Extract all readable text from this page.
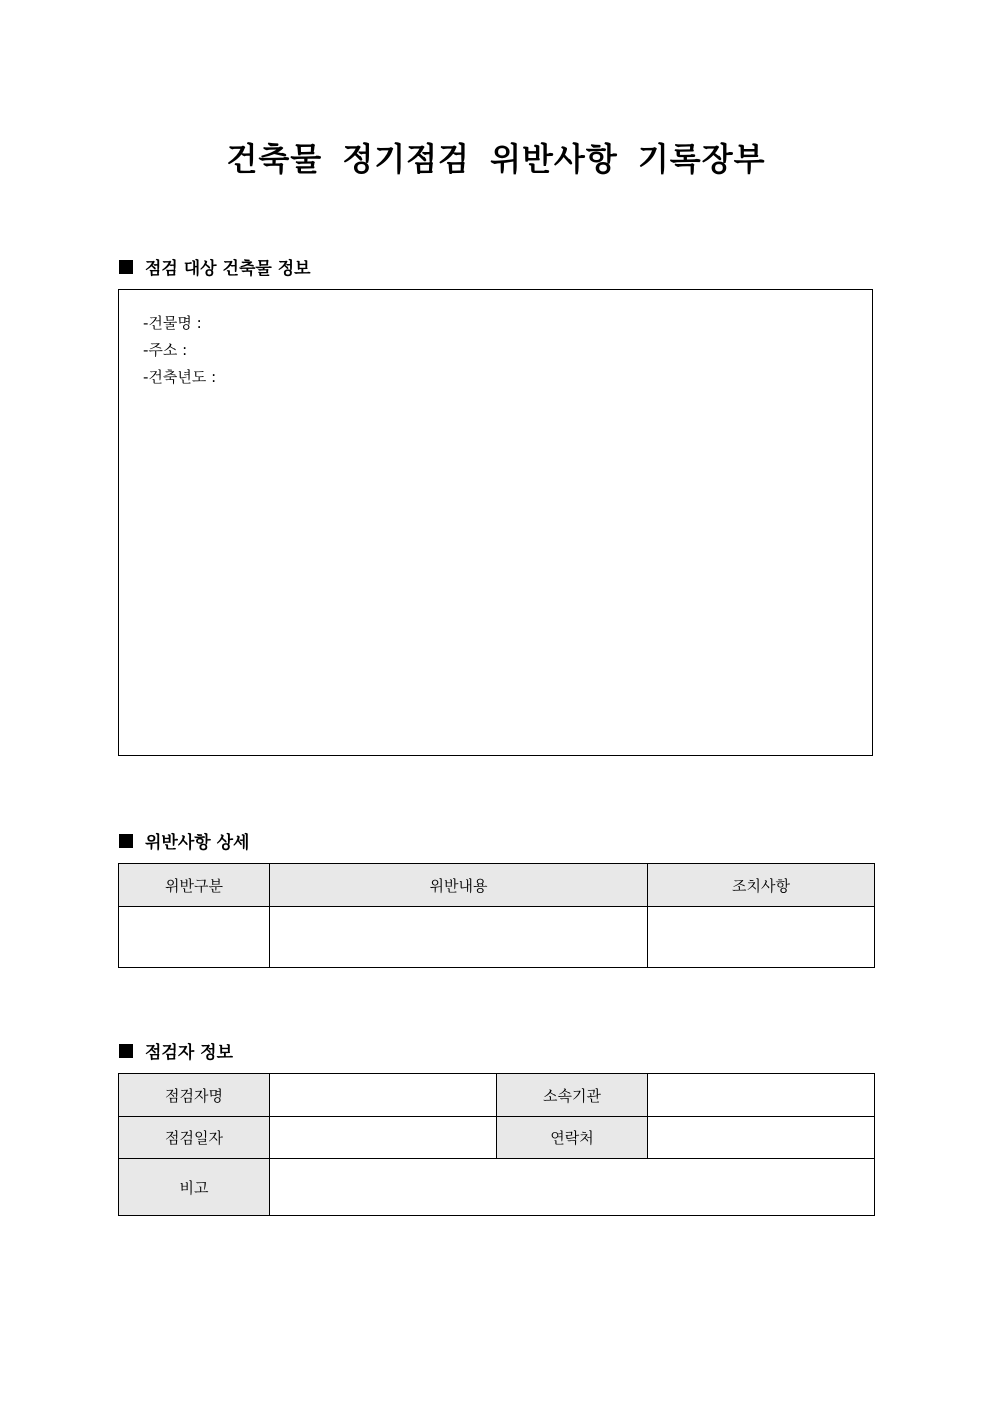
건축물 정기점검 위반사항 기록장부
점검 대상 건축물 정보
-건물명 :
-주소 :
-건축년도 :
위반사항 상세
위반구분	위반내용	조치사항

점검자 정보
점검자명		소속기관	
점검일자		연락처	
비고			
